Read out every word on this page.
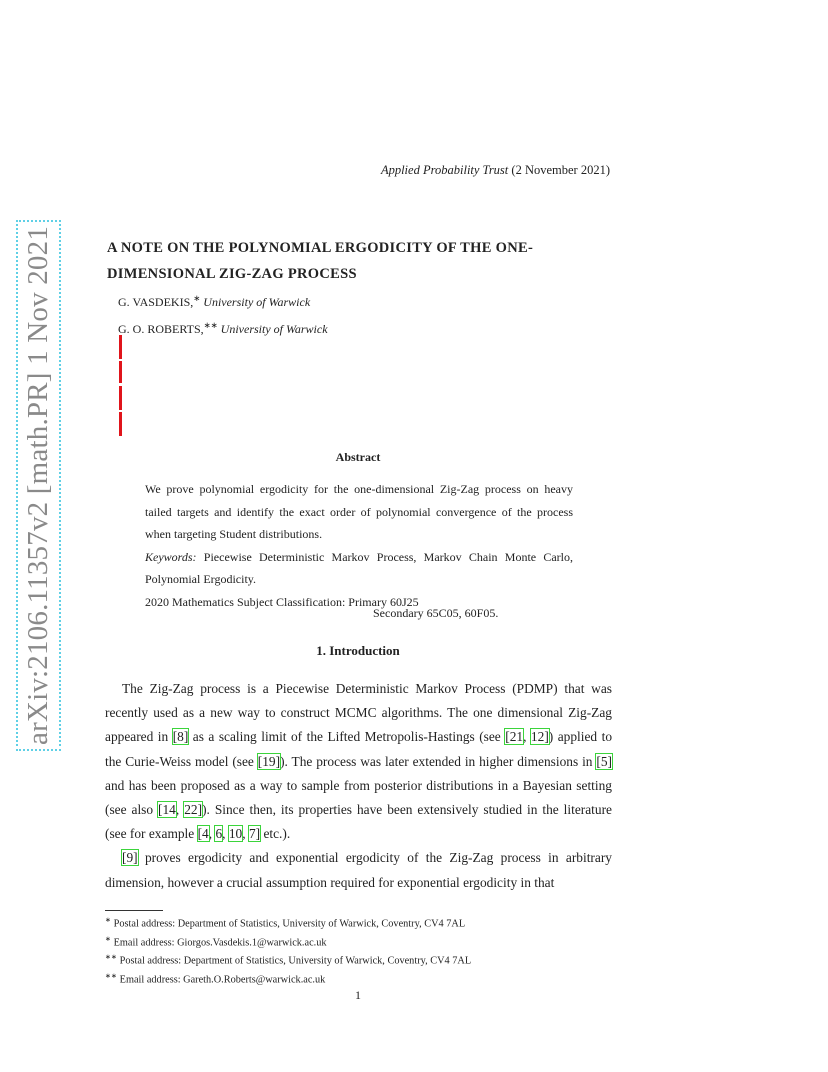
arXiv:2106.11357v2 [math.PR] 1 Nov 2021
Applied Probability Trust (2 November 2021)
A NOTE ON THE POLYNOMIAL ERGODICITY OF THE ONE-
DIMENSIONAL ZIG-ZAG PROCESS
G. VASDEKIS,∗ University of Warwick
G. O. ROBERTS,∗∗ University of Warwick
Abstract

We prove polynomial ergodicity for the one-dimensional Zig-Zag process on heavy tailed targets and identify the exact order of polynomial convergence of the process when targeting Student distributions.

Keywords: Piecewise Deterministic Markov Process, Markov Chain Monte Carlo, Polynomial Ergodicity.

2020 Mathematics Subject Classification: Primary 60J25

Secondary 65C05, 60F05.
1. Introduction

The Zig-Zag process is a Piecewise Deterministic Markov Process (PDMP) that was recently used as a new way to construct MCMC algorithms. The one dimensional Zig-Zag appeared in [8] as a scaling limit of the Lifted Metropolis-Hastings (see [21, 12]) applied to the Curie-Weiss model (see [19]). The process was later extended in higher dimensions in [5] and has been proposed as a way to sample from posterior distributions in a Bayesian setting (see also [14, 22]). Since then, its properties have been extensively studied in the literature (see for example [4, 6, 10, 7] etc.).

[9] proves ergodicity and exponential ergodicity of the Zig-Zag process in arbitrary dimension, however a crucial assumption required for exponential ergodicity in that

∗ Postal address: Department of Statistics, University of Warwick, Coventry, CV4 7AL
∗ Email address: Giorgos.Vasdekis.1@warwick.ac.uk
∗∗ Postal address: Department of Statistics, University of Warwick, Coventry, CV4 7AL
∗∗ Email address: Gareth.O.Roberts@warwick.ac.uk
1
